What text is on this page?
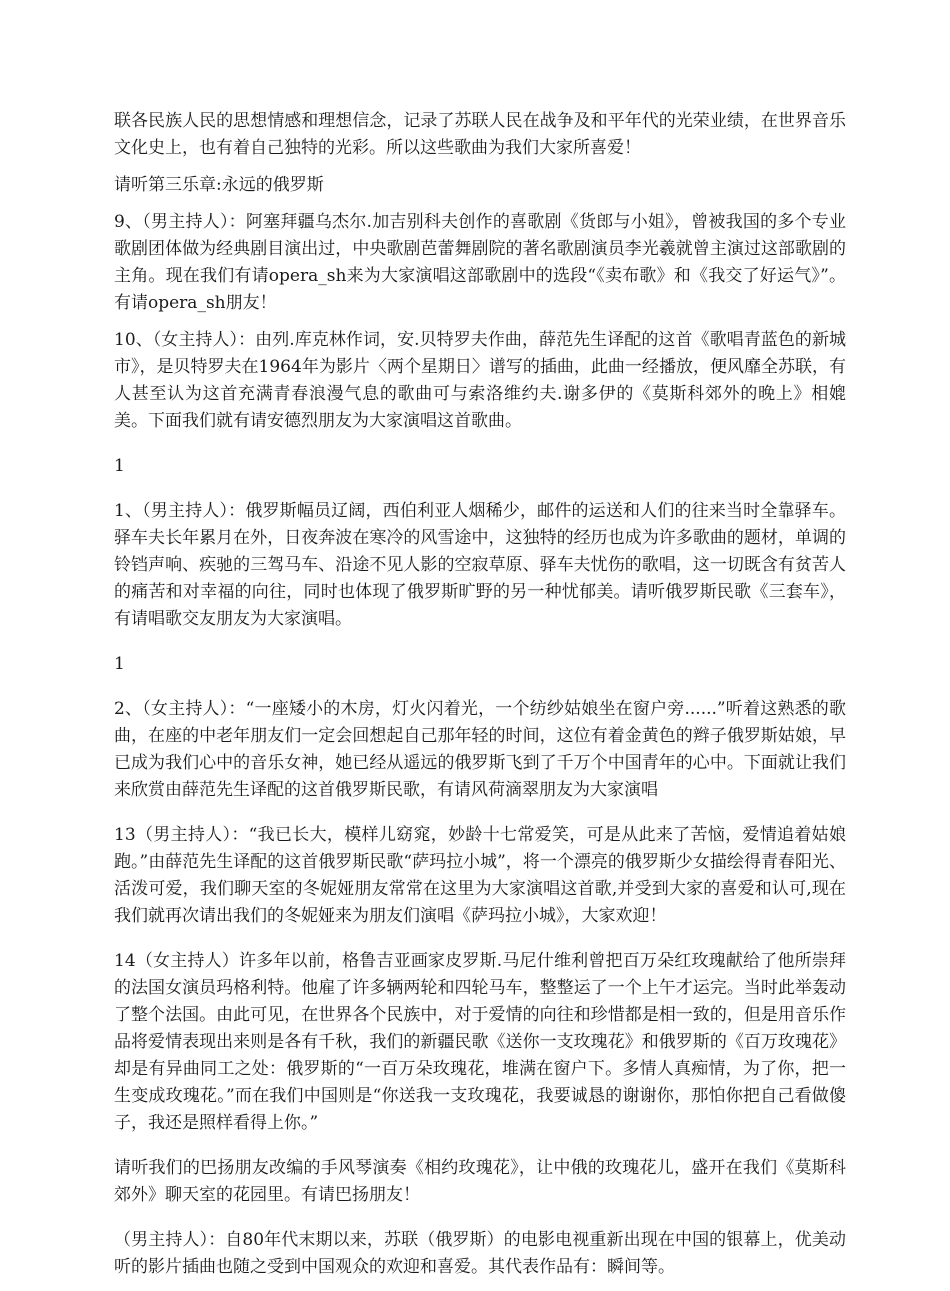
联各民族人民的思想情感和理想信念，记录了苏联人民在战争及和平年代的光荣业绩，在世界音乐文化史上，也有着自己独特的光彩。所以这些歌曲为我们大家所喜爱！

请听第三乐章:永远的俄罗斯

9、（男主持人）：阿塞拜疆乌杰尔.加吉别科夫创作的喜歌剧《货郎与小姐》，曾被我国的多个专业歌剧团体做为经典剧目演出过，中央歌剧芭蕾舞剧院的著名歌剧演员李光羲就曾主演过这部歌剧的主角。现在我们有请opera_sh来为大家演唱这部歌剧中的选段“《卖布歌》和《我交了好运气》”。有请opera_sh朋友！

10、（女主持人）：由列.库克林作词，安.贝特罗夫作曲，薛范先生译配的这首《歌唱青蓝色的新城市》，是贝特罗夫在1964年为影片〈两个星期日〉谱写的插曲，此曲一经播放，便风靡全苏联，有人甚至认为这首充满青春浪漫气息的歌曲可与索洛维约夫.谢多伊的《莫斯科郊外的晚上》相媲美。下面我们就有请安德烈朋友为大家演唱这首歌曲。

1

1、（男主持人）：俄罗斯幅员辽阔，西伯利亚人烟稀少，邮件的运送和人们的往来当时全靠驿车。驿车夫长年累月在外，日夜奔波在寒冷的风雪途中，这独特的经历也成为许多歌曲的题材，单调的铃铛声响、疾驰的三驾马车、沿途不见人影的空寂草原、驿车夫忧伤的歌唱，这一切既含有贫苦人的痛苦和对幸福的向往，同时也体现了俄罗斯旷野的另一种忧郁美。请听俄罗斯民歌《三套车》，有请唱歌交友朋友为大家演唱。

1

2、（女主持人）：“一座矮小的木房，灯火闪着光，一个纺纱姑娘坐在窗户旁......”听着这熟悉的歌曲，在座的中老年朋友们一定会回想起自己那年轻的时间，这位有着金黄色的辫子俄罗斯姑娘，早已成为我们心中的音乐女神，她已经从遥远的俄罗斯飞到了千万个中国青年的心中。下面就让我们来欣赏由薛范先生译配的这首俄罗斯民歌，有请风荷滴翠朋友为大家演唱

13（男主持人）：“我已长大，模样儿窈窕，妙龄十七常爱笑，可是从此来了苦恼，爱情追着姑娘跑。”由薛范先生译配的这首俄罗斯民歌“萨玛拉小城”，将一个漂亮的俄罗斯少女描绘得青春阳光、活泼可爱，我们聊天室的冬妮娅朋友常常在这里为大家演唱这首歌,并受到大家的喜爱和认可,现在我们就再次请出我们的冬妮娅来为朋友们演唱《萨玛拉小城》，大家欢迎！

14（女主持人）许多年以前，格鲁吉亚画家皮罗斯.马尼什维利曾把百万朵红玫瑰献给了他所崇拜的法国女演员玛格利特。他雇了许多辆两轮和四轮马车，整整运了一个上午才运完。当时此举轰动了整个法国。由此可见，在世界各个民族中，对于爱情的向往和珍惜都是相一致的，但是用音乐作品将爱情表现出来则是各有千秋，我们的新疆民歌《送你一支玫瑰花》和俄罗斯的《百万玫瑰花》却是有异曲同工之处：俄罗斯的“一百万朵玫瑰花，堆满在窗户下。多情人真痴情，为了你，把一生变成玫瑰花。”而在我们中国则是“你送我一支玫瑰花，我要诚恳的谢谢你，那怕你把自己看做傻子，我还是照样看得上你。”

请听我们的巴扬朋友改编的手风琴演奏《相约玫瑰花》，让中俄的玫瑰花儿，盛开在我们《莫斯科郊外》聊天室的花园里。有请巴扬朋友！

（男主持人）：自80年代末期以来，苏联（俄罗斯）的电影电视重新出现在中国的银幕上，优美动听的影片插曲也随之受到中国观众的欢迎和喜爱。其代表作品有：瞬间等。
